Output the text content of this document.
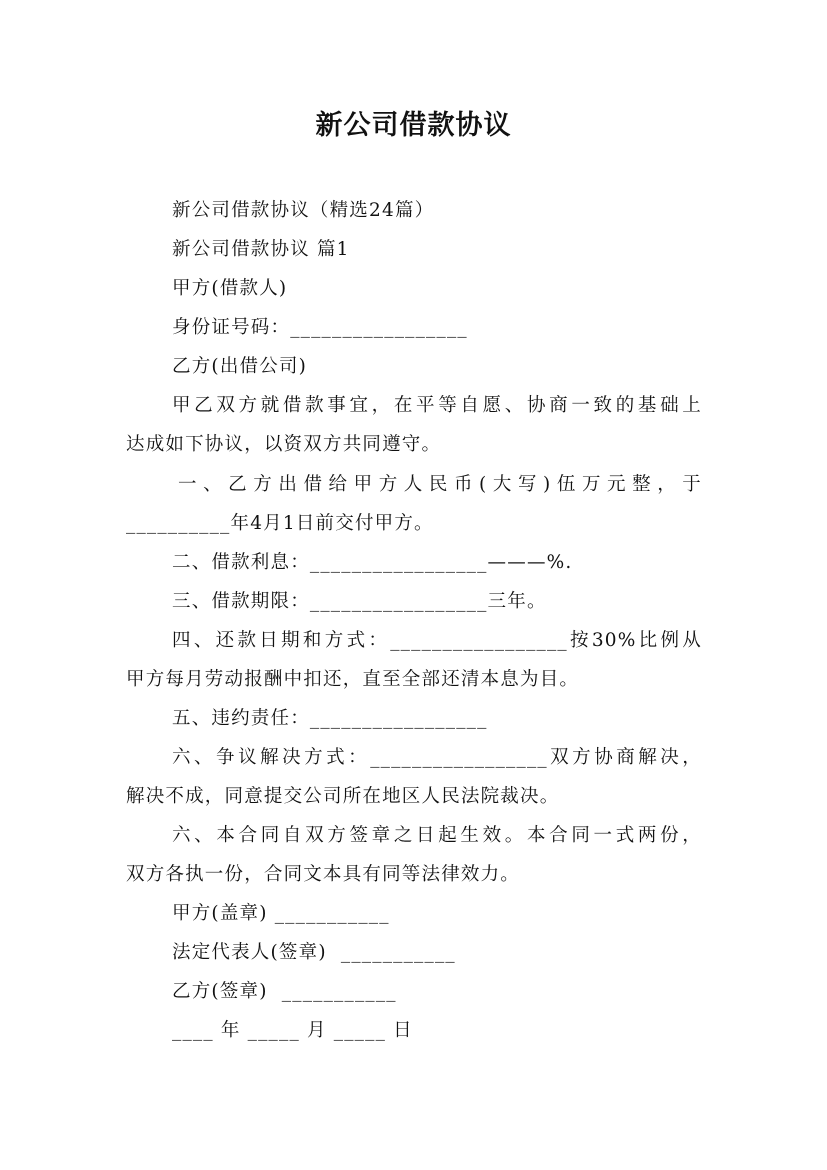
新公司借款协议
新公司借款协议（精选24篇）
新公司借款协议 篇1
甲方(借款人)
身份证号码：_________________
乙方(出借公司)
甲乙双方就借款事宜，在平等自愿、协商一致的基础上
达成如下协议，以资双方共同遵守。
一、乙方出借给甲方人民币(大写)伍万元整，于
__________年4月1日前交付甲方。
二、借款利息：_________________———%.
三、借款期限：_________________三年。
四、还款日期和方式：_________________按30%比例从
甲方每月劳动报酬中扣还，直至全部还清本息为目。
五、违约责任：_________________
六、争议解决方式：_________________双方协商解决，
解决不成，同意提交公司所在地区人民法院裁决。
六、本合同自双方签章之日起生效。本合同一式两份，
双方各执一份，合同文本具有同等法律效力。
甲方(盖章) ___________
法定代表人(签章)  ___________
乙方(签章)  ___________
____ 年 _____ 月 _____ 日
